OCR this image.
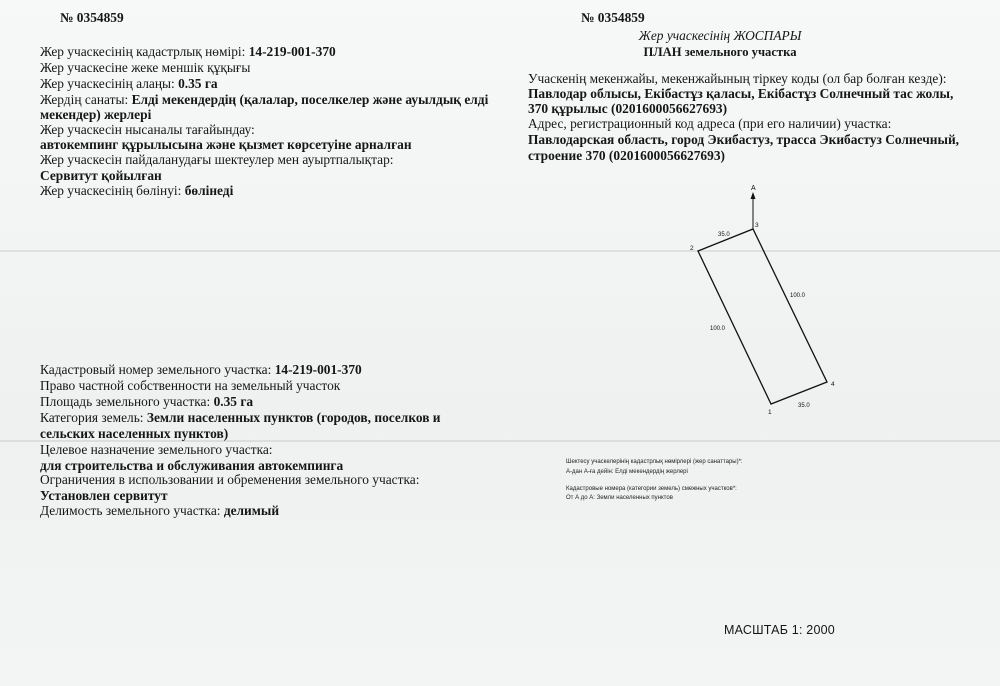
№ 0354859	№ 0354859
Жер учаскесінің кадастрлық нөмірі: 14-219-001-370
Жер учаскесіне жеке меншік құқығы
Жер учаскесінің алаңы: 0.35 га
Жердің санаты: Елді мекендердің (қалалар, поселкелер және ауылдық елді
мекендер) жерлері
Жер учаскесін нысаналы тағайындау:
автокемпинг құрылысына және қызмет көрсетуіне арналған
Жер учаскесін пайдаланудағы шектеулер мен ауыртпалықтар:
Сервитут қойылған
Жер учаскесінің бөлінуі: бөлінеді
Кадастровый номер земельного участка: 14-219-001-370
Право частной собственности на земельный участок
Площадь земельного участка: 0.35 га
Категория земель: Земли населенных пунктов (городов, поселков и
сельских населенных пунктов)
Целевое назначение земельного участка:
для строительства и обслуживания автокемпинга
Ограничения в использовании и обременения земельного участка:
Установлен сервитут
Делимость земельного участка: делимый
Жер учаскесінің ЖОСПАРЫ
ПЛАН земельного участка
Учаскенің мекенжайы, мекенжайының тіркеу коды (ол бар болған кезде):
Павлодар облысы, Екібастұз қаласы, Екібастұз Солнечный тас жолы,
370 құрылыс (0201600056627693)
Адрес, регистрационный код адреса (при его наличии) участка:
Павлодарская область, город Экибастуз, трасса Экибастуз Солнечный,
строение 370 (0201600056627693)
А
2
3
4
1
35.0
100.0
100.0
35.0
Шектесу учаскелерінің кадастрлық нөмірлері (жер санаттары)*:
А-дан А-ға дейін: Елді мекендердің жерлері
Кадастровые номера (категории земель) смежных участков*:
От А до А: Земли населенных пунктов
МАСШТАБ 1: 2000
